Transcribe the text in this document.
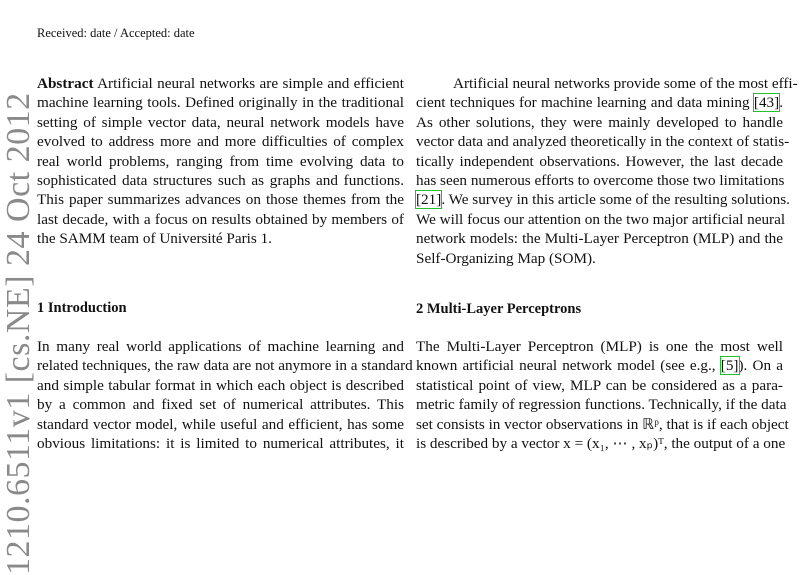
1210.6511v1 [cs.NE] 24 Oct 2012
Received: date / Accepted: date
Abstract Artificial neural networks are simple and efficient
machine learning tools. Defined originally in the traditional
setting of simple vector data, neural network models have
evolved to address more and more difficulties of complex
real world problems, ranging from time evolving data to
sophisticated data structures such as graphs and functions.
This paper summarizes advances on those themes from the
last decade, with a focus on results obtained by members of
the SAMM team of Université Paris 1.
1 Introduction
In many real world applications of machine learning and
related techniques, the raw data are not anymore in a standard
and simple tabular format in which each object is described
by a common and fixed set of numerical attributes. This
standard vector model, while useful and efficient, has some
obvious limitations: it is limited to numerical attributes, it
Artificial neural networks provide some of the most effi-
cient techniques for machine learning and data mining [43].
As other solutions, they were mainly developed to handle
vector data and analyzed theoretically in the context of statis-
tically independent observations. However, the last decade
has seen numerous efforts to overcome those two limitations
[21]. We survey in this article some of the resulting solutions.
We will focus our attention on the two major artificial neural
network models: the Multi-Layer Perceptron (MLP) and the
Self-Organizing Map (SOM).
2 Multi-Layer Perceptrons
The Multi-Layer Perceptron (MLP) is one the most well
known artificial neural network model (see e.g., [5]). On a
statistical point of view, MLP can be considered as a para-
metric family of regression functions. Technically, if the data
set consists in vector observations in ℝᵖ, that is if each object
is described by a vector x = (x₁, ⋯ , xₚ)ᵀ, the output of a one
